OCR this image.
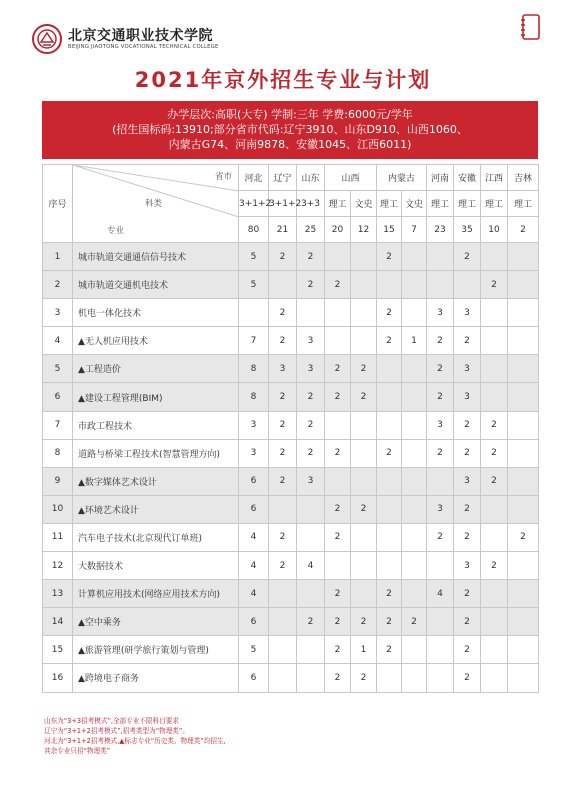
北京交通职业技术学院
BEIJING JIAOTONG VOCATIONAL TECHNICAL COLLEGE
2021年京外招生专业与计划
办学层次:高职(大专) 学制:三年 学费:6000元/学年
(招生国标码:13910;部分省市代码:辽宁3910、山东D910、山西1060、
内蒙古G74、河南9878、安徽1045、江西6011)
序号	省市
科类
专业	河北	辽宁	山东	山西		内蒙古		河南	安徽	江西	吉林
		3+1+2	3+1+2	3+3	理工	文史	理工	文史	理工	理工	理工	理工
		80	21	25	20	12	15	7	23	35	10	2
1	城市轨道交通通信信号技术	5	2	2			2			2		
2	城市轨道交通机电技术	5		2	2						2	
3	机电一体化技术		2				2		3	3		
4	▲无人机应用技术	7	2	3			2	1	2	2		
5	▲工程造价	8	3	3	2	2			2	3		
6	▲建设工程管理(BIM)	8	2	2	2	2			2	3		
7	市政工程技术	3	2	2					3	2	2	
8	道路与桥梁工程技术(智慧管理方向)	3	2	2	2		2		2	2	2	
9	▲数字媒体艺术设计	6	2	3						3	2	
10	▲环境艺术设计	6			2	2			3	2		
11	汽车电子技术(北京现代订单班)	4	2		2				2	2		2
12	大数据技术	4	2	4						3	2	
13	计算机应用技术(网络应用技术方向)	4			2		2		4	2		
14	▲空中乘务	6		2	2	2	2	2		2		
15	▲旅游管理(研学旅行策划与管理)	5			2	1	2			2		
16	▲跨境电子商务	6			2	2				2		
山东为“3+3招考模式”,全部专业不限科目要求
辽宁为“3+1+2招考模式”,招考类型为“物理类”。
河北为“3+1+2招考模式,▲标志专业“历史类、物理类”均招生,
其余专业只招“物理类”
